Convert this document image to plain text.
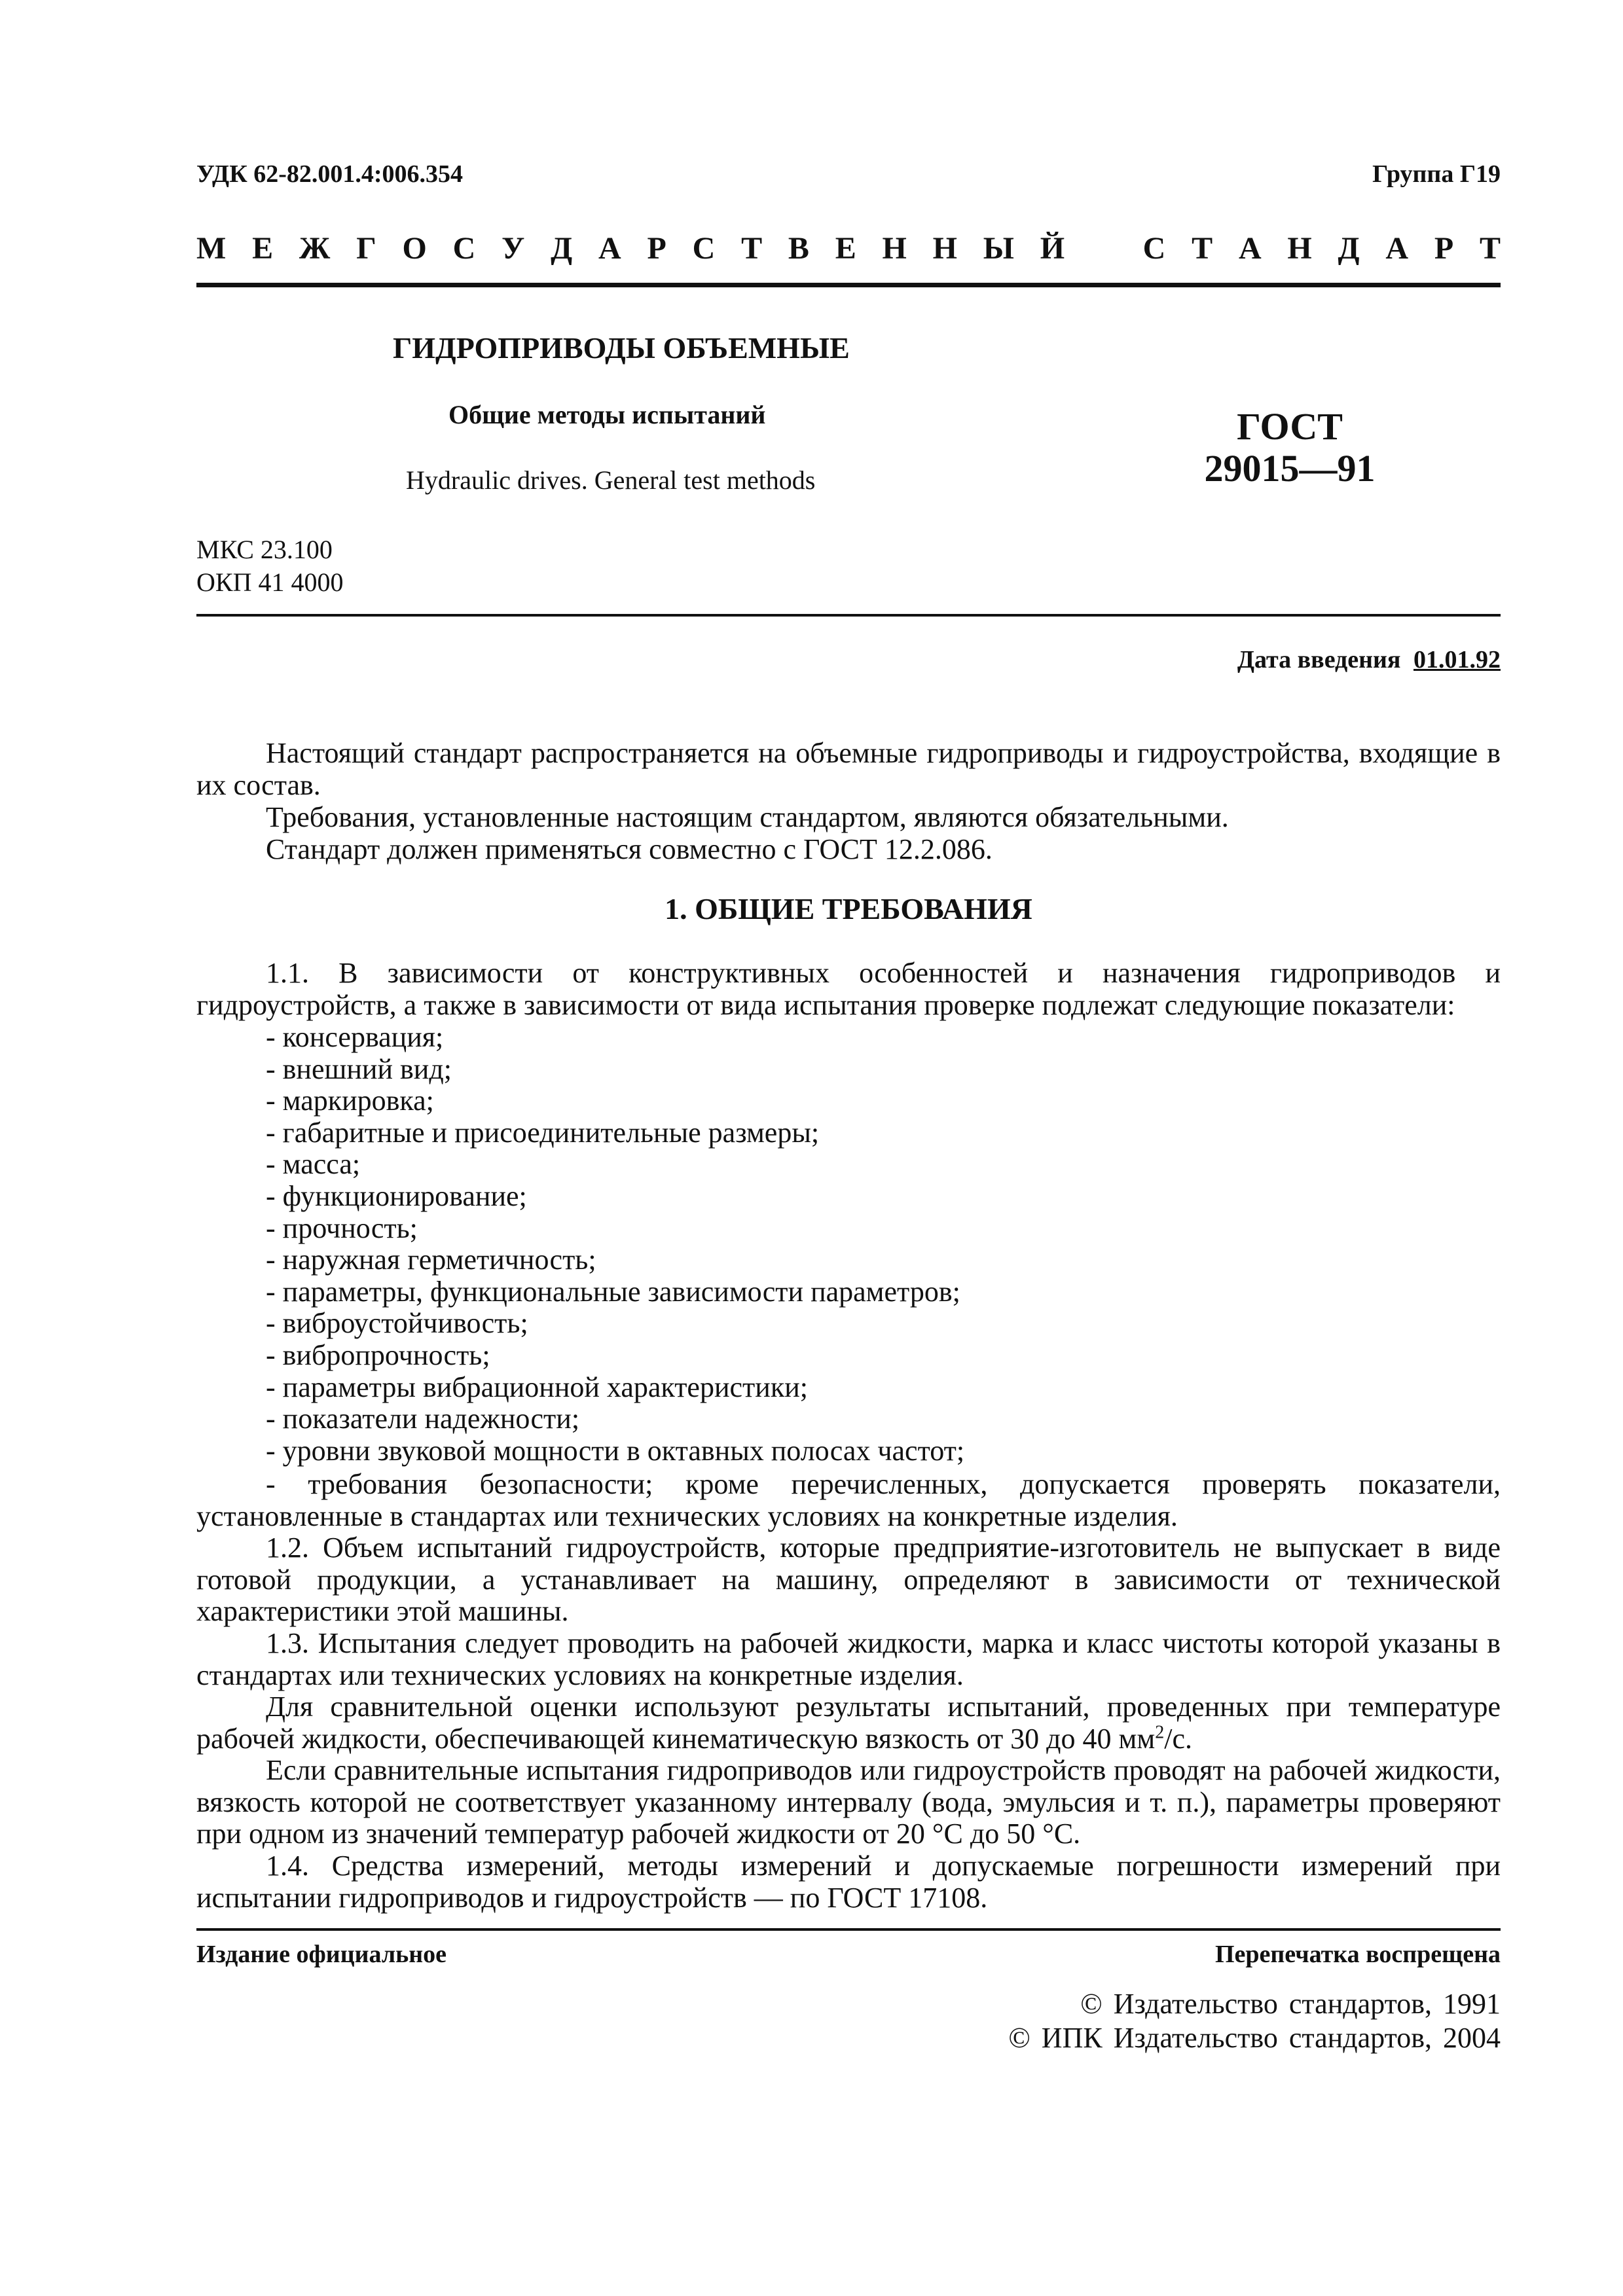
УДК 62-82.001.4:006.354	Группа Г19
М Е Ж Г О С У Д А Р С Т В Е Н Н Ы Й С Т А Н Д А Р Т
ГИДРОПРИВОДЫ ОБЪЕМНЫЕ
Общие методы испытаний
Hydraulic drives. General test methods
ГОСТ
29015—91
МКС 23.100
ОКП 41 4000
Дата введения 01.01.92
Настоящий стандарт распространяется на объемные гидроприводы и гидроустройства, входящие в их состав.
Требования, установленные настоящим стандартом, являются обязательными.
Стандарт должен применяться совместно с ГОСТ 12.2.086.
1. ОБЩИЕ ТРЕБОВАНИЯ
1.1. В зависимости от конструктивных особенностей и назначения гидроприводов и гидроустройств, а также в зависимости от вида испытания проверке подлежат следующие показатели:
- консервация;
- внешний вид;
- маркировка;
- габаритные и присоединительные размеры;
- масса;
- функционирование;
- прочность;
- наружная герметичность;
- параметры, функциональные зависимости параметров;
- виброустойчивость;
- вибропрочность;
- параметры вибрационной характеристики;
- показатели надежности;
- уровни звуковой мощности в октавных полосах частот;
- требования безопасности; кроме перечисленных, допускается проверять показатели, установленные в стандартах или технических условиях на конкретные изделия.
1.2. Объем испытаний гидроустройств, которые предприятие-изготовитель не выпускает в виде готовой продукции, а устанавливает на машину, определяют в зависимости от технической характеристики этой машины.
1.3. Испытания следует проводить на рабочей жидкости, марка и класс чистоты которой указаны в стандартах или технических условиях на конкретные изделия.
Для сравнительной оценки используют результаты испытаний, проведенных при температуре рабочей жидкости, обеспечивающей кинематическую вязкость от 30 до 40 $мм^2/с$.
Если сравнительные испытания гидроприводов или гидроустройств проводят на рабочей жидкости, вязкость которой не соответствует указанному интервалу (вода, эмульсия и т. п.), параметры проверяют при одном из значений температур рабочей жидкости от 20 °С до 50 °С.
1.4. Средства измерений, методы измерений и допускаемые погрешности измерений при испытании гидроприводов и гидроустройств — по ГОСТ 17108.
Издание официальное	Перепечатка воспрещена
© Издательство стандартов, 1991
© ИПК Издательство стандартов, 2004
